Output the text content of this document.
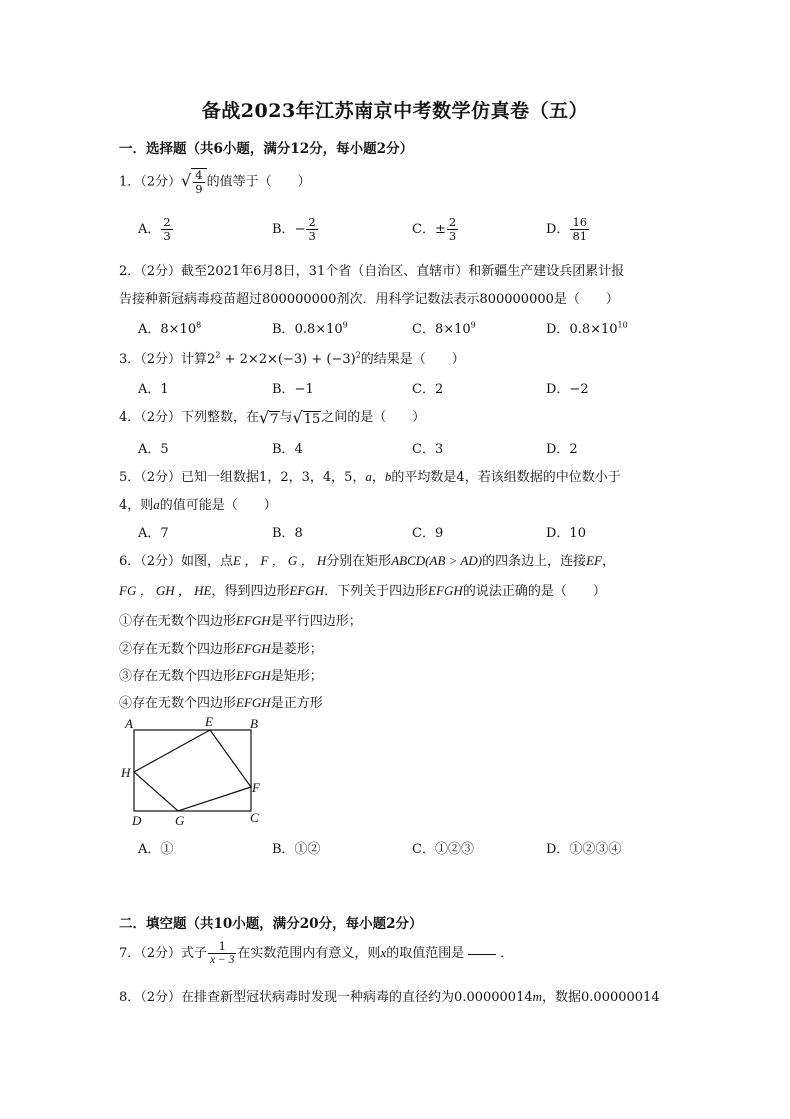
备战2023年江苏南京中考数学仿真卷（五）
一．选择题（共6小题，满分12分，每小题2分）
1．（2分）√ $\frac{4}{9}$ 的值等于（　　）
A． $\frac{2}{3}$	B．− $\frac{2}{3}$	C．± $\frac{2}{3}$	D． $\frac{16}{81}$
2．（2分）截至2021年6月8日，31个省（自治区、直辖市）和新疆生产建设兵团累计报
告接种新冠病毒疫苗超过800000000剂次．用科学记数法表示800000000是（　　）
A．$8\times 10^8$	B．$0.8\times 10^9$	C．$8\times 10^9$	D．$0.8\times 10^{10}$
3．（2分）计算$2^2 + 2\times 2\times(-3) + (-3)^2$的结果是（　　）
A．1	B．−1	C．2	D．−2
4．（2分）下列整数，在√7与√15之间的是（　　）
A．5	B．4	C．3	D．2
5．（2分）已知一组数据1，2，3，4，5，a，b的平均数是4，若该组数据的中位数小于
4，则a的值可能是（　　）
A．7	B．8	C．9	D．10
6．（2分）如图，点E ， F ， G ， H分别在矩形ABCD(AB > AD)的四条边上，连接EF，
FG ， GH ， HE，得到四边形EFGH．下列关于四边形EFGH的说法正确的是（　　）
①存在无数个四边形EFGH是平行四边形；
②存在无数个四边形EFGH是菱形；
③存在无数个四边形EFGH是矩形；
④存在无数个四边形EFGH是正方形
A	E	B
H
F
D	G	C
A．①	B．①②	C．①②③	D．①②③④
二．填空题（共10小题，满分20分，每小题2分）
7．（2分）式子 $\frac{1}{x - 3}$ 在实数范围内有意义，则x的取值范围是	．
8．（2分）在排查新型冠状病毒时发现一种病毒的直径约为0.00000014m，数据0.00000014
